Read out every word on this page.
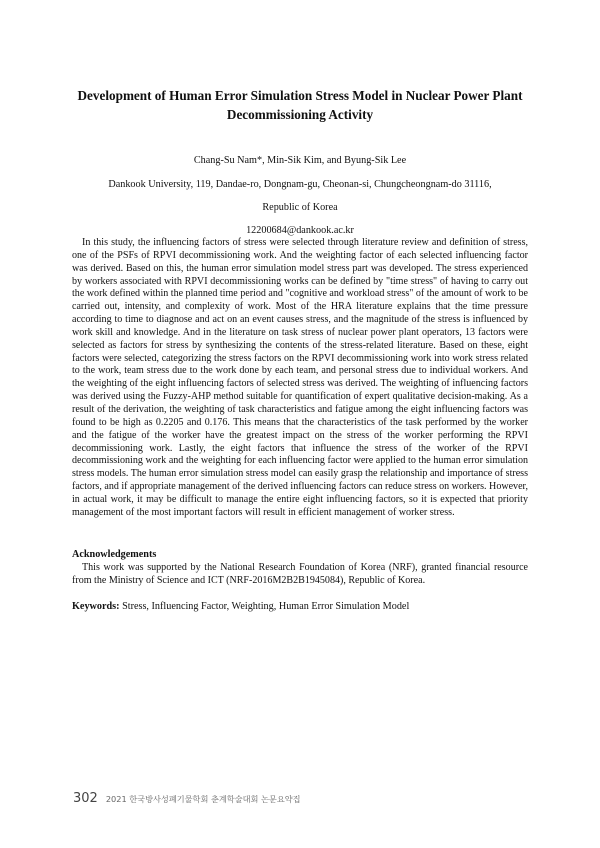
Development of Human Error Simulation Stress Model in Nuclear Power Plant Decommissioning Activity
Chang-Su Nam*, Min-Sik Kim, and Byung-Sik Lee
Dankook University, 119, Dandae-ro, Dongnam-gu, Cheonan-si, Chungcheongnam-do 31116,
Republic of Korea
12200684@dankook.ac.kr

In this study, the influencing factors of stress were selected through literature review and definition of stress, one of the PSFs of RPVI decommissioning work. And the weighting factor of each selected influencing factor was derived. Based on this, the human error simulation model stress part was developed. The stress experienced by workers associated with RPVI decommissioning works can be defined by "time stress" of having to carry out the work defined within the planned time period and "cognitive and workload stress" of the amount of work to be carried out, intensity, and complexity of work. Most of the HRA literature explains that the time pressure according to time to diagnose and act on an event causes stress, and the magnitude of the stress is influenced by work skill and knowledge. And in the literature on task stress of nuclear power plant operators, 13 factors were selected as factors for stress by synthesizing the contents of the stress-related literature. Based on these, eight factors were selected, categorizing the stress factors on the RPVI decommissioning work into work stress related to the work, team stress due to the work done by each team, and personal stress due to individual workers. And the weighting of the eight influencing factors of selected stress was derived. The weighting of influencing factors was derived using the Fuzzy-AHP method suitable for quantification of expert qualitative decision-making. As a result of the derivation, the weighting of task characteristics and fatigue among the eight influencing factors was found to be high as 0.2205 and 0.176. This means that the characteristics of the task performed by the worker and the fatigue of the worker have the greatest impact on the stress of the worker performing the RPVI decommissioning work. Lastly, the eight factors that influence the stress of the worker of the RPVI decommissioning work and the weighting for each influencing factor were applied to the human error simulation stress models. The human error simulation stress model can easily grasp the relationship and importance of stress factors, and if appropriate management of the derived influencing factors can reduce stress on workers. However, in actual work, it may be difficult to manage the entire eight influencing factors, so it is expected that priority management of the most important factors will result in efficient management of worker stress.

Acknowledgements

This work was supported by the National Research Foundation of Korea (NRF), granted financial resource from the Ministry of Science and ICT (NRF-2016M2B2B1945084), Republic of Korea.

Keywords: Stress, Influencing Factor, Weighting, Human Error Simulation Model

302 2021 한국방사성폐기물학회 춘계학술대회 논문요약집
